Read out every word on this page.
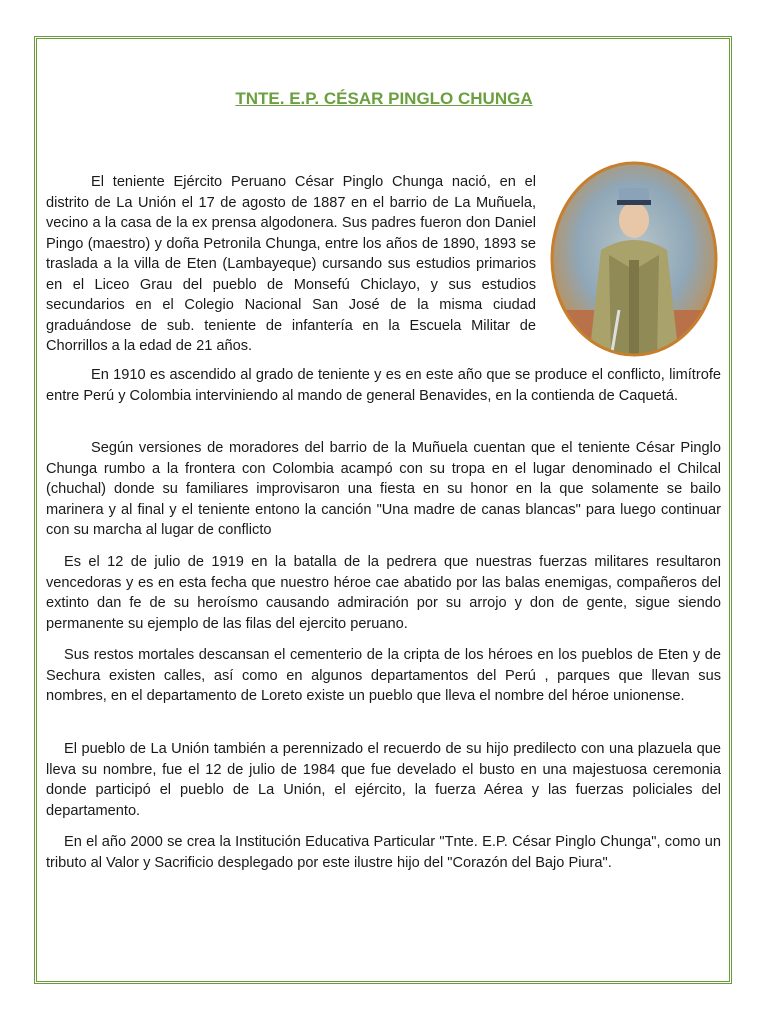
TNTE. E.P. CÉSAR PINGLO CHUNGA

El teniente Ejército Peruano César Pinglo Chunga nació, en el distrito de La Unión el 17 de agosto de 1887 en el barrio de La Muñuela, vecino a la casa de la ex prensa algodonera. Sus padres fueron don Daniel Pingo (maestro) y doña Petronila Chunga, entre los años de 1890, 1893 se traslada a la villa de Eten (Lambayeque) cursando sus estudios primarios en el Liceo Grau del pueblo de Monsefú Chiclayo, y sus estudios secundarios en el Colegio Nacional San José de la misma ciudad graduándose de sub. teniente de infantería en la Escuela Militar de Chorrillos a la edad de 21 años.

En 1910 es ascendido al grado de teniente y es en este año que se produce el conflicto, limítrofe entre Perú y Colombia interviniendo al mando de general Benavides, en la contienda de Caquetá.

Según versiones de moradores del barrio de la Muñuela cuentan que el teniente César Pinglo Chunga rumbo a la frontera con Colombia acampó con su tropa en el lugar denominado el Chilcal (chuchal) donde su familiares improvisaron una fiesta en su honor en la que solamente se bailo marinera y al final y el teniente entono la canción "Una madre de canas blancas" para luego continuar con su marcha al lugar de conflicto

Es el 12 de julio de 1919 en la batalla de la pedrera que nuestras fuerzas militares resultaron vencedoras y es en esta fecha que nuestro héroe cae abatido por las balas enemigas, compañeros del extinto dan fe de su heroísmo causando admiración por su arrojo y don de gente, sigue siendo permanente su ejemplo de las filas del ejercito peruano.

Sus restos mortales descansan el cementerio de la cripta de los héroes en los pueblos de Eten y de Sechura existen calles, así como en algunos departamentos del Perú , parques que llevan sus nombres, en el departamento de Loreto existe un pueblo que lleva el nombre del héroe unionense.

El pueblo de La Unión también a perennizado el recuerdo de su hijo predilecto con una plazuela que lleva su nombre, fue el 12 de julio de 1984 que fue develado el busto en una majestuosa ceremonia donde participó el pueblo de La Unión, el ejército, la fuerza Aérea y las fuerzas policiales del departamento.

En el año 2000 se crea la Institución Educativa Particular "Tnte. E.P. César Pinglo Chunga", como un tributo al Valor y Sacrificio desplegado por este ilustre hijo del "Corazón del Bajo Piura".
